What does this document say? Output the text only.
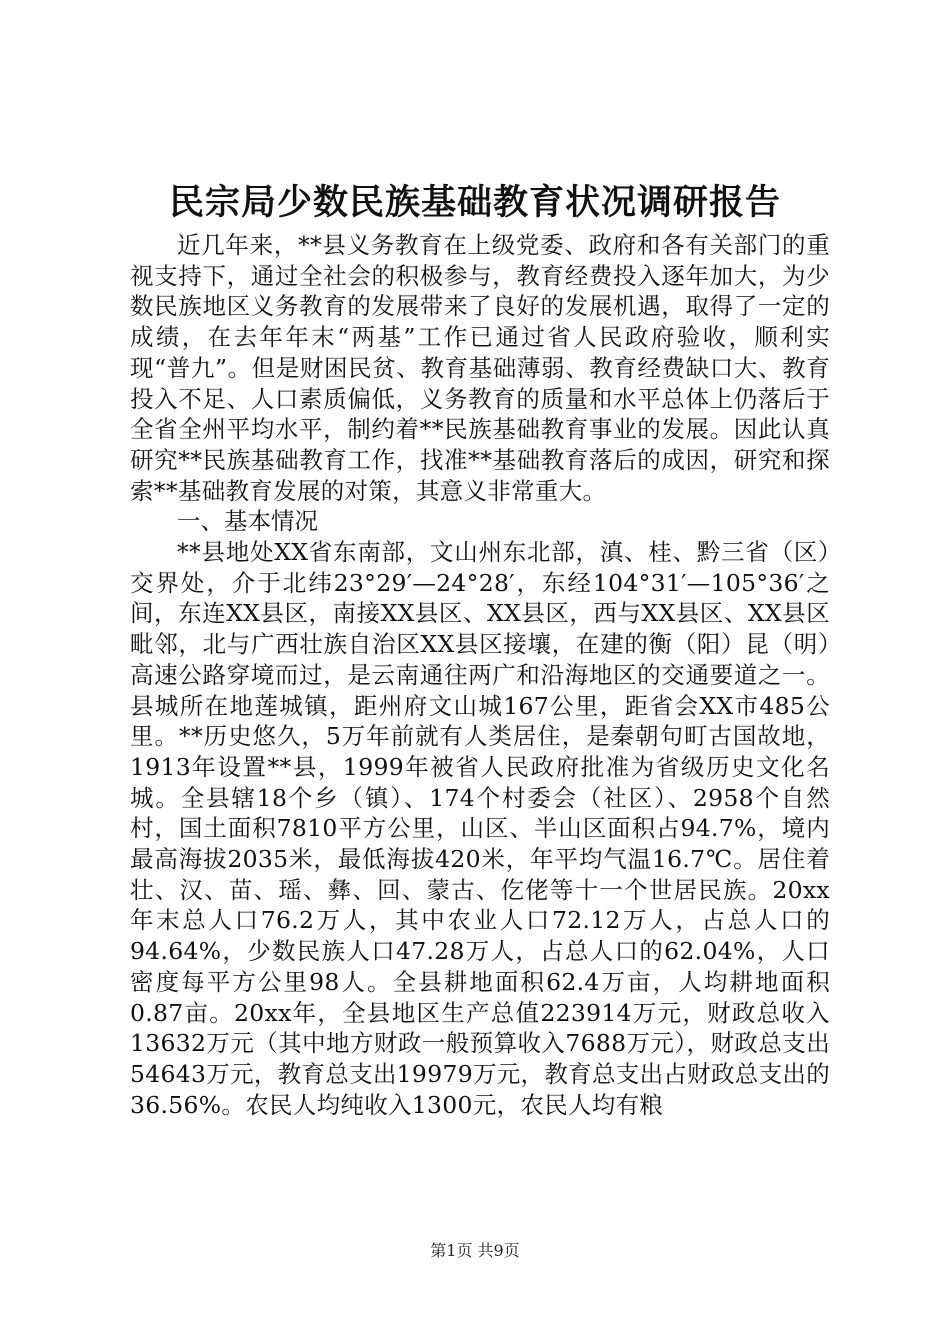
民宗局少数民族基础教育状况调研报告

近几年来，**县义务教育在上级党委、政府和各有关部门的重视支持下，通过全社会的积极参与，教育经费投入逐年加大，为少数民族地区义务教育的发展带来了良好的发展机遇，取得了一定的成绩，在去年年末“两基”工作已通过省人民政府验收，顺利实现“普九”。但是财困民贫、教育基础薄弱、教育经费缺口大、教育投入不足、人口素质偏低，义务教育的质量和水平总体上仍落后于全省全州平均水平，制约着**民族基础教育事业的发展。因此认真研究**民族基础教育工作，找准**基础教育落后的成因，研究和探索**基础教育发展的对策，其意义非常重大。

一、基本情况

**县地处XX省东南部，文山州东北部，滇、桂、黔三省（区）交界处，介于北纬23°29′—24°28′，东经104°31′—105°36′之间，东连XX县区，南接XX县区、XX县区，西与XX县区、XX县区毗邻，北与广西壮族自治区XX县区接壤，在建的衡（阳）昆（明）高速公路穿境而过，是云南通往两广和沿海地区的交通要道之一。县城所在地莲城镇，距州府文山城167公里，距省会XX市485公里。**历史悠久，5万年前就有人类居住，是秦朝句町古国故地，1913年设置**县，1999年被省人民政府批准为省级历史文化名城。全县辖18个乡（镇）、174个村委会（社区）、2958个自然村，国土面积7810平方公里，山区、半山区面积占94.7%，境内最高海拔2035米，最低海拔420米，年平均气温16.7℃。居住着壮、汉、苗、瑶、彝、回、蒙古、仡佬等十一个世居民族。20xx年末总人口76.2万人，其中农业人口72.12万人，占总人口的94.64%，少数民族人口47.28万人，占总人口的62.04%，人口密度每平方公里98人。全县耕地面积62.4万亩，人均耕地面积0.87亩。20xx年，全县地区生产总值223914万元，财政总收入13632万元（其中地方财政一般预算收入7688万元），财政总支出54643万元，教育总支出19979万元，教育总支出占财政总支出的36.56%。农民人均纯收入1300元，农民人均有粮

第1页 共9页
